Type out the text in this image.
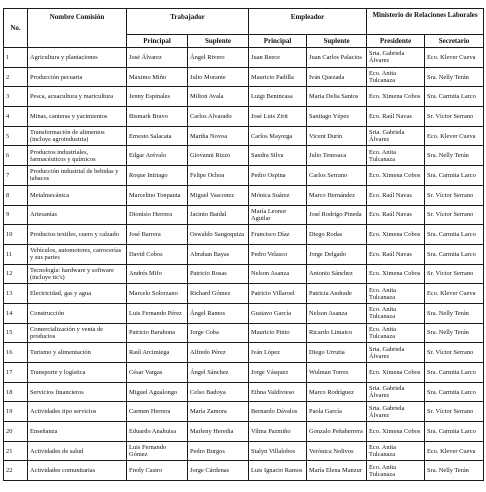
No.	Nombre Comisión	Trabajador		Empleador		Ministerio de Relaciones Laborales	
		Principal	Suplente	Principal	Suplente	Presidente	Secretario
1	Agricultura y plantaciones	José Álvarez	Ángel Rivero	Juan Reece	Juan Carlos Palacios	Srta. Gabriela Álvarez	Eco. Klever Cueva
2	Producción pecuaria	Maximo Miño	Julio Morante	Mauricio Padilla	Iván Quezada	Eco. Anita Tulcanaza	Sra. Nelly Terán
3	Pesca, acuacultura y maricultura	Jenny Espinales	Milton Avala	Luigi Benincasa	Maria Delia Santos	Eco. Ximena Cobos	Sra. Carmita Larco
4	Minas, canteras y yacimientos	Bismark Bravo	Carlos Alvarado	José Luis Zirit	Santiago Yépez	Eco. Raúl Navas	Sr. Víctor Serrano
5	Transformación de alimentos (incluye agroindustria)	Ernesto Salacata	Martha Novoa	Carlos Mayorga	Vicent Durín	Srta. Gabriela Álvarez	Eco. Klever Cueva
6	Productos industriales, farmacéuticos y químicos	Edgar Arévalo	Giovanni Rizzo	Sandra Silva	Julio Tenesaca	Eco. Anita Tulcanaza	Sra. Nelly Terán
7	Producción industrial de bebidas y tabacos	Roque Intriago	Felipe Ochoa	Pedro Ospina	Carlos Serrano	Eco. Ximena Cobos	Sra. Carmita Larco
8	Metalmecánica	Marcelino Tonpanta	Miguel Vasconez	Mónica Suárez	Marco Hernández	Eco. Raúl Navas	Sr. Víctor Serrano
9	Artesanías	Dionisio Herrera	Jacinto Baidal	María Leonor Aguilar	José Rodrigo Pineda	Eco. Raúl Navas	Sr. Víctor Serrano
10	Productos textiles, cuero y calzado	José Barrera	Oswaldo Sangoquiza	Francisco Díaz	Diego Rodas	Eco. Ximena Cobos	Sra. Carmita Larco
11	Vehículos, automotores, carrocerías y sus partes	David Cobos	Abrahan Bayas	Pedro Velasco	Jorge Delgado	Eco. Raúl Navas	Sra. Carmita Larco
12	Tecnología: hardware y software (incluye tic's)	Andrés Mifo	Patricio Rosas	Nelson Asanza	Antonio Sánchez	Eco. Ximena Cobos	Sr. Víctor Serrano
13	Electricidad, gas y agua	Marcelo Solorzano	Richard Gómez	Patricio Villaroel	Patricia Andrade	Eco. Anita Tulcanaza	Eco. Klever Cueva
14	Construcción	Luis Fernando Pérez	Ángel Ramos	Gustavo García	Nelson Asanza	Eco. Anita Tulcanaza	Sra. Nelly Terán
15	Comercialización y venta de productos	Patricio Barahona	Jorge Coba	Mauricio Pinto	Ricardo Limaico	Eco. Anita Tulcanaza	Sra. Nelly Terán
16	Turismo y alimentación	Raúl Arcimiega	Alfredo Pérez	Iván López	Diego Urrutia	Srta. Gabriela Álvarez	Sr. Víctor Serrano
17	Transporte y logística	César Vargas	Ángel Sánchez	Jorge Vásquez	Wulman Torres	Eco. Ximena Cobos	Sra. Carmita Larco
18	Servicios financieros	Miguel Agualongo	Celso Badoya	Ethna Valdivieso	Marco Rodríguez	Srta. Gabriela Álvarez	Sra. Carmita Larco
19	Actividades tipo servicios	Carmen Herrera	María Zamora	Bernardo Dávalos	Paola García	Srta. Gabriela Álvarez	Sr. Víctor Serrano
20	Enseñanza	Eduardo Anahuisa	Marleny Heredia	Vilma Pazmiño	Gonzalo Peñaherrera	Eco. Ximena Cobos	Sra. Carmita Larco
21	Actividades de salud	Luis Fernando Gómez	Pedro Burgos	Stalyn Villalobos	Verónica Nolivos	Eco. Anita Tulcanaza	Eco. Klever Cueva
22	Actividades comunitarias	Fredy Castro	Jorge Cárdenas	Luis Ignacio Ramos	María Elena Manzur	Eco. Anita Tulcanaza	Sra. Nelly Terán
